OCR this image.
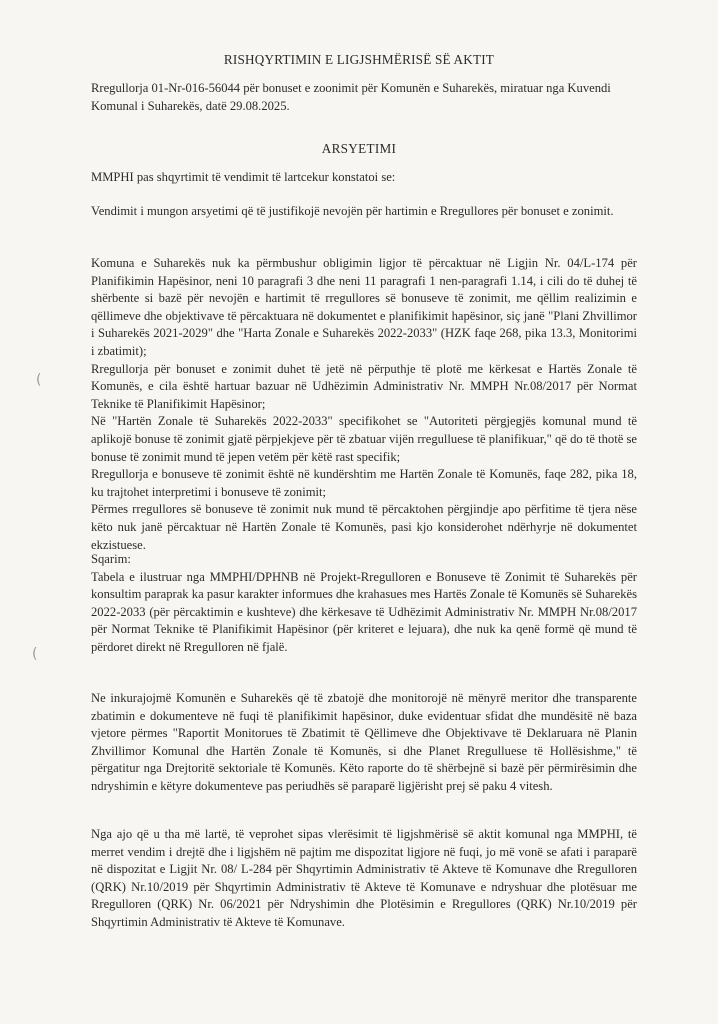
RISHQYRTIMIN E LIGJSHMËRISË SË AKTIT

Rregullorja 01-Nr-016-56044 për bonuset e zoonimit për Komunën e Suharekës, miratuar nga Kuvendi Komunal i Suharekës, datë 29.08.2025.

ARSYETIMI

MMPHI pas shqyrtimit të vendimit të lartcekur konstatoi se:

Vendimit i mungon arsyetimi që të justifikojë nevojën për hartimin e Rregullores për bonuset e zonimit.

Komuna e Suharekës nuk ka përmbushur obligimin ligjor të përcaktuar në Ligjin Nr. 04/L-174 për Planifikimin Hapësinor, neni 10 paragrafi 3 dhe neni 11 paragrafi 1 nen-paragrafi 1.14, i cili do të duhej të shërbente si bazë për nevojën e hartimit të rregullores së bonuseve të zonimit, me qëllim realizimin e qëllimeve dhe objektivave të përcaktuara në dokumentet e planifikimit hapësinor, siç janë "Plani Zhvillimor i Suharekës 2021-2029" dhe "Harta Zonale e Suharekës 2022-2033" (HZK faqe 268, pika 13.3, Monitorimi i zbatimit);

Rregullorja për bonuset e zonimit duhet të jetë në përputhje të plotë me kërkesat e Hartës Zonale të Komunës, e cila është hartuar bazuar në Udhëzimin Administrativ Nr. MMPH Nr.08/2017 për Normat Teknike të Planifikimit Hapësinor;

Në "Hartën Zonale të Suharekës 2022-2033" specifikohet se "Autoriteti përgjegjës komunal mund të aplikojë bonuse të zonimit gjatë përpjekjeve për të zbatuar vijën rregulluese të planifikuar," që do të thotë se bonuse të zonimit mund të jepen vetëm për këtë rast specifik;

Rregullorja e bonuseve të zonimit është në kundërshtim me Hartën Zonale të Komunës, faqe 282, pika 18, ku trajtohet interpretimi i bonuseve të zonimit;

Përmes rregullores së bonuseve të zonimit nuk mund të përcaktohen përgjindje apo përfitime të tjera nëse këto nuk janë përcaktuar në Hartën Zonale të Komunës, pasi kjo konsiderohet ndërhyrje në dokumentet ekzistuese.

Sqarim:

Tabela e ilustruar nga MMPHI/DPHNB në Projekt-Rregulloren e Bonuseve të Zonimit të Suharekës për konsultim paraprak ka pasur karakter informues dhe krahasues mes Hartës Zonale të Komunës së Suharekës 2022-2033 (për përcaktimin e kushteve) dhe kërkesave të Udhëzimit Administrativ Nr. MMPH Nr.08/2017 për Normat Teknike të Planifikimit Hapësinor (për kriteret e lejuara), dhe nuk ka qenë formë që mund të përdoret direkt në Rregulloren në fjalë.

Ne inkurajojmë Komunën e Suharekës që të zbatojë dhe monitorojë në mënyrë meritor dhe transparente zbatimin e dokumenteve në fuqi të planifikimit hapësinor, duke evidentuar sfidat dhe mundësitë në baza vjetore përmes "Raportit Monitorues të Zbatimit të Qëllimeve dhe Objektivave të Deklaruara në Planin Zhvillimor Komunal dhe Hartën Zonale të Komunës, si dhe Planet Rregulluese të Hollësishme," të përgatitur nga Drejtoritë sektoriale të Komunës. Këto raporte do të shërbejnë si bazë për përmirësimin dhe ndryshimin e këtyre dokumenteve pas periudhës së paraparë ligjërisht prej së paku 4 vitesh.

Nga ajo që u tha më lartë, të veprohet sipas vlerësimit të ligjshmërisë së aktit komunal nga MMPHI, të merret vendim i drejtë dhe i ligjshëm në pajtim me dispozitat ligjore në fuqi, jo më vonë se afati i paraparë në dispozitat e Ligjit Nr. 08/ L-284 për Shqyrtimin Administrativ të Akteve të Komunave dhe Rregulloren (QRK) Nr.10/2019 për Shqyrtimin Administrativ të Akteve të Komunave e ndryshuar dhe plotësuar me Rregulloren (QRK) Nr. 06/2021 për Ndryshimin dhe Plotësimin e Rregullores (QRK) Nr.10/2019 për Shqyrtimin Administrativ të Akteve të Komunave.

(
(
